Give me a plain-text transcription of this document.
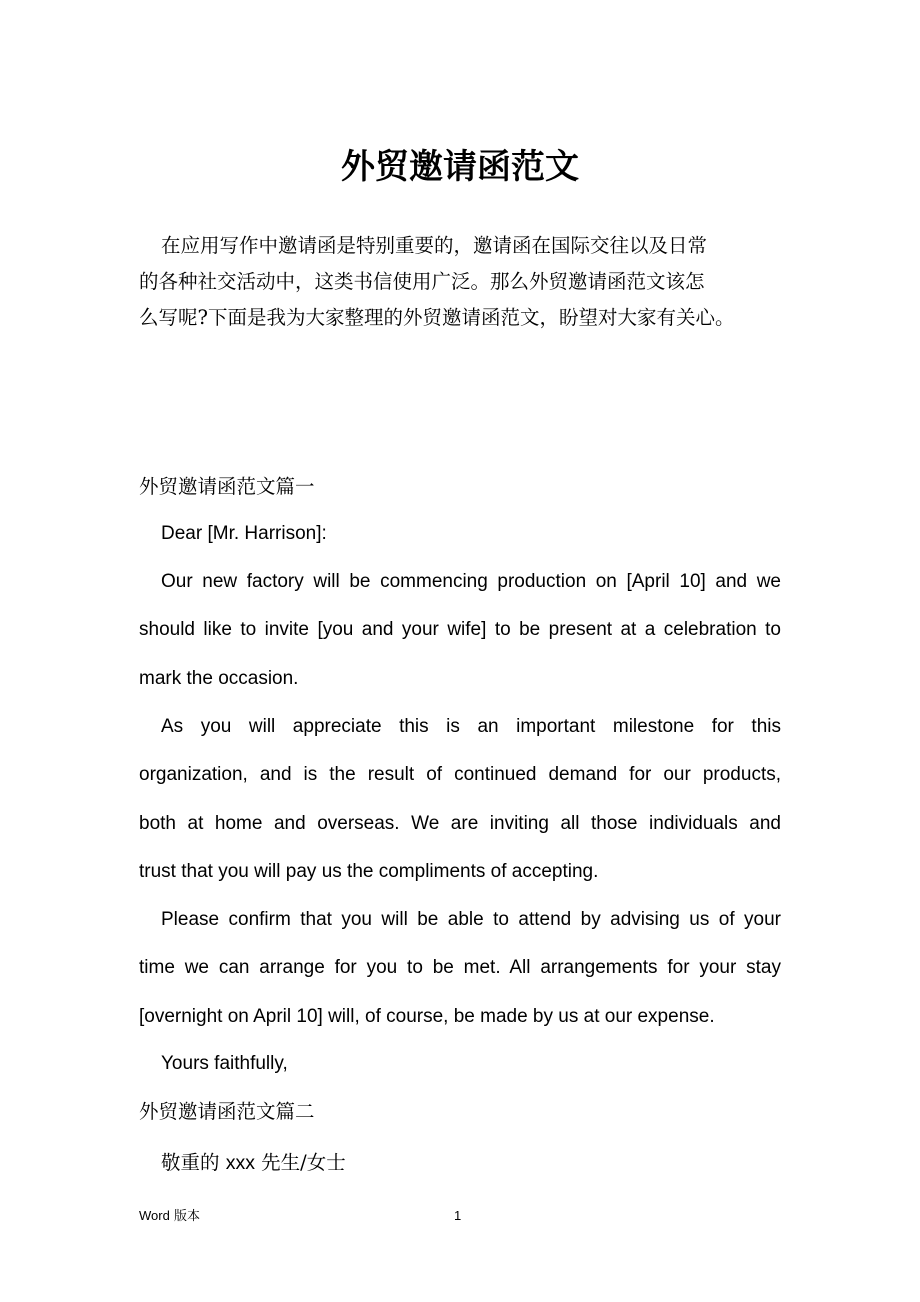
外贸邀请函范文
在应用写作中邀请函是特别重要的，邀请函在国际交往以及日常
的各种社交活动中，这类书信使用广泛。那么外贸邀请函范文该怎
么写呢?下面是我为大家整理的外贸邀请函范文，盼望对大家有关心。
外贸邀请函范文篇一
Dear [Mr. Harrison]:
Our new factory will be commencing production on [April 10] and we
should like to invite [you and your wife] to be present at a celebration to
mark the occasion.
As you will appreciate this is an important milestone for this
organization, and is the result of continued demand for our products,
both at home and overseas. We are inviting all those individuals and
trust that you will pay us the compliments of accepting.
Please confirm that you will be able to attend by advising us of your
time we can arrange for you to be met. All arrangements for your stay
[overnight on April 10] will, of course, be made by us at our expense.
Yours faithfully,
外贸邀请函范文篇二
敬重的 xxx 先生/女士
Word 版本	1
